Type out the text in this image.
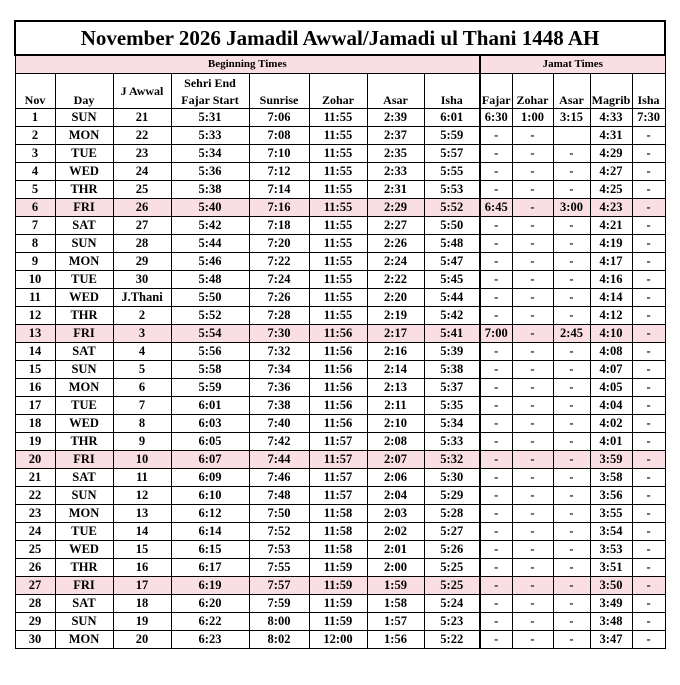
November 2026 Jamadil Awwal/Jamadi ul Thani 1448 AH												
Beginning Times								Jamat Times				
Nov	Day	J Awwal	Sehri End	Sunrise	Zohar	Asar	Isha	Fajar	Zohar	Asar	Magrib	Isha
			Fajar Start									
1	SUN	21	5:31	7:06	11:55	2:39	6:01	6:30	1:00	3:15	4:33	7:30
2	MON	22	5:33	7:08	11:55	2:37	5:59	-	-		4:31	-
3	TUE	23	5:34	7:10	11:55	2:35	5:57	-	-	-	4:29	-
4	WED	24	5:36	7:12	11:55	2:33	5:55	-	-	-	4:27	-
5	THR	25	5:38	7:14	11:55	2:31	5:53	-	-	-	4:25	-
6	FRI	26	5:40	7:16	11:55	2:29	5:52	6:45	-	3:00	4:23	-
7	SAT	27	5:42	7:18	11:55	2:27	5:50	-	-	-	4:21	-
8	SUN	28	5:44	7:20	11:55	2:26	5:48	-	-	-	4:19	-
9	MON	29	5:46	7:22	11:55	2:24	5:47	-	-	-	4:17	-
10	TUE	30	5:48	7:24	11:55	2:22	5:45	-	-	-	4:16	-
11	WED	J.Thani	5:50	7:26	11:55	2:20	5:44	-	-	-	4:14	-
12	THR	2	5:52	7:28	11:55	2:19	5:42	-	-	-	4:12	-
13	FRI	3	5:54	7:30	11:56	2:17	5:41	7:00	-	2:45	4:10	-
14	SAT	4	5:56	7:32	11:56	2:16	5:39	-	-	-	4:08	-
15	SUN	5	5:58	7:34	11:56	2:14	5:38	-	-	-	4:07	-
16	MON	6	5:59	7:36	11:56	2:13	5:37	-	-	-	4:05	-
17	TUE	7	6:01	7:38	11:56	2:11	5:35	-	-	-	4:04	-
18	WED	8	6:03	7:40	11:56	2:10	5:34	-	-	-	4:02	-
19	THR	9	6:05	7:42	11:57	2:08	5:33	-	-	-	4:01	-
20	FRI	10	6:07	7:44	11:57	2:07	5:32	-	-	-	3:59	-
21	SAT	11	6:09	7:46	11:57	2:06	5:30	-	-	-	3:58	-
22	SUN	12	6:10	7:48	11:57	2:04	5:29	-	-	-	3:56	-
23	MON	13	6:12	7:50	11:58	2:03	5:28	-	-	-	3:55	-
24	TUE	14	6:14	7:52	11:58	2:02	5:27	-	-	-	3:54	-
25	WED	15	6:15	7:53	11:58	2:01	5:26	-	-	-	3:53	-
26	THR	16	6:17	7:55	11:59	2:00	5:25	-	-	-	3:51	-
27	FRI	17	6:19	7:57	11:59	1:59	5:25	-	-	-	3:50	-
28	SAT	18	6:20	7:59	11:59	1:58	5:24	-	-	-	3:49	-
29	SUN	19	6:22	8:00	11:59	1:57	5:23	-	-	-	3:48	-
30	MON	20	6:23	8:02	12:00	1:56	5:22	-	-	-	3:47	-
